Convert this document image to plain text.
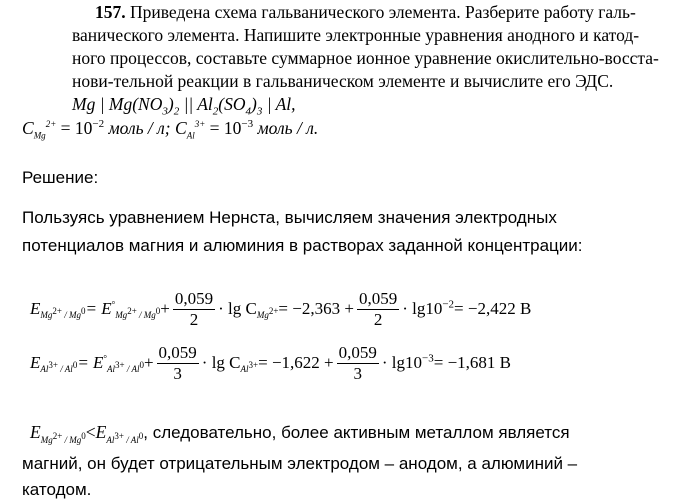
157. Приведена схема гальванического элемента. Разберите работу галь-
ванического элемента. Напишите электронные уравнения анодного и катод-
ного процессов, составьте суммарное ионное уравнение окислительно-восста-
нови-тельной реакции в гальваническом элементе и вычислите его ЭДС.
Mg | $Mg(NO_3)_2$ || $Al_2(SO_4)_3$ | Al,
$C_{Mg}^{2+} = 10^{-2}$ моль / л; $C_{Al}^{3+} = 10^{-3}$ моль / л.
Решение:
Пользуясь уравнением Нернста, вычисляем значения электродных
потенциалов магния и алюминия в растворах заданной концентрации:
$E_{Mg^{2+} / Mg^0} = E^\circ_{Mg^{2+} / Mg^0} + \frac{0,059}{2} \cdot \lg C_{Mg^{2+}} = -2,363 + \frac{0,059}{2} \cdot \lg 10^{-2} = -2,422$ B
$E_{Al^{3+} / Al^0} = E^\circ_{Al^{3+} / Al^0} + \frac{0,059}{3} \cdot \lg C_{Al^{3+}} = -1,622 + \frac{0,059}{3} \cdot \lg 10^{-3} = -1,681$ B
$E_{Mg^{2+} / Mg^0} < E_{Al^{3+} / Al^0}$ , следовательно, более активным металлом является
магний, он будет отрицательным электродом – анодом, а алюминий –
катодом.
